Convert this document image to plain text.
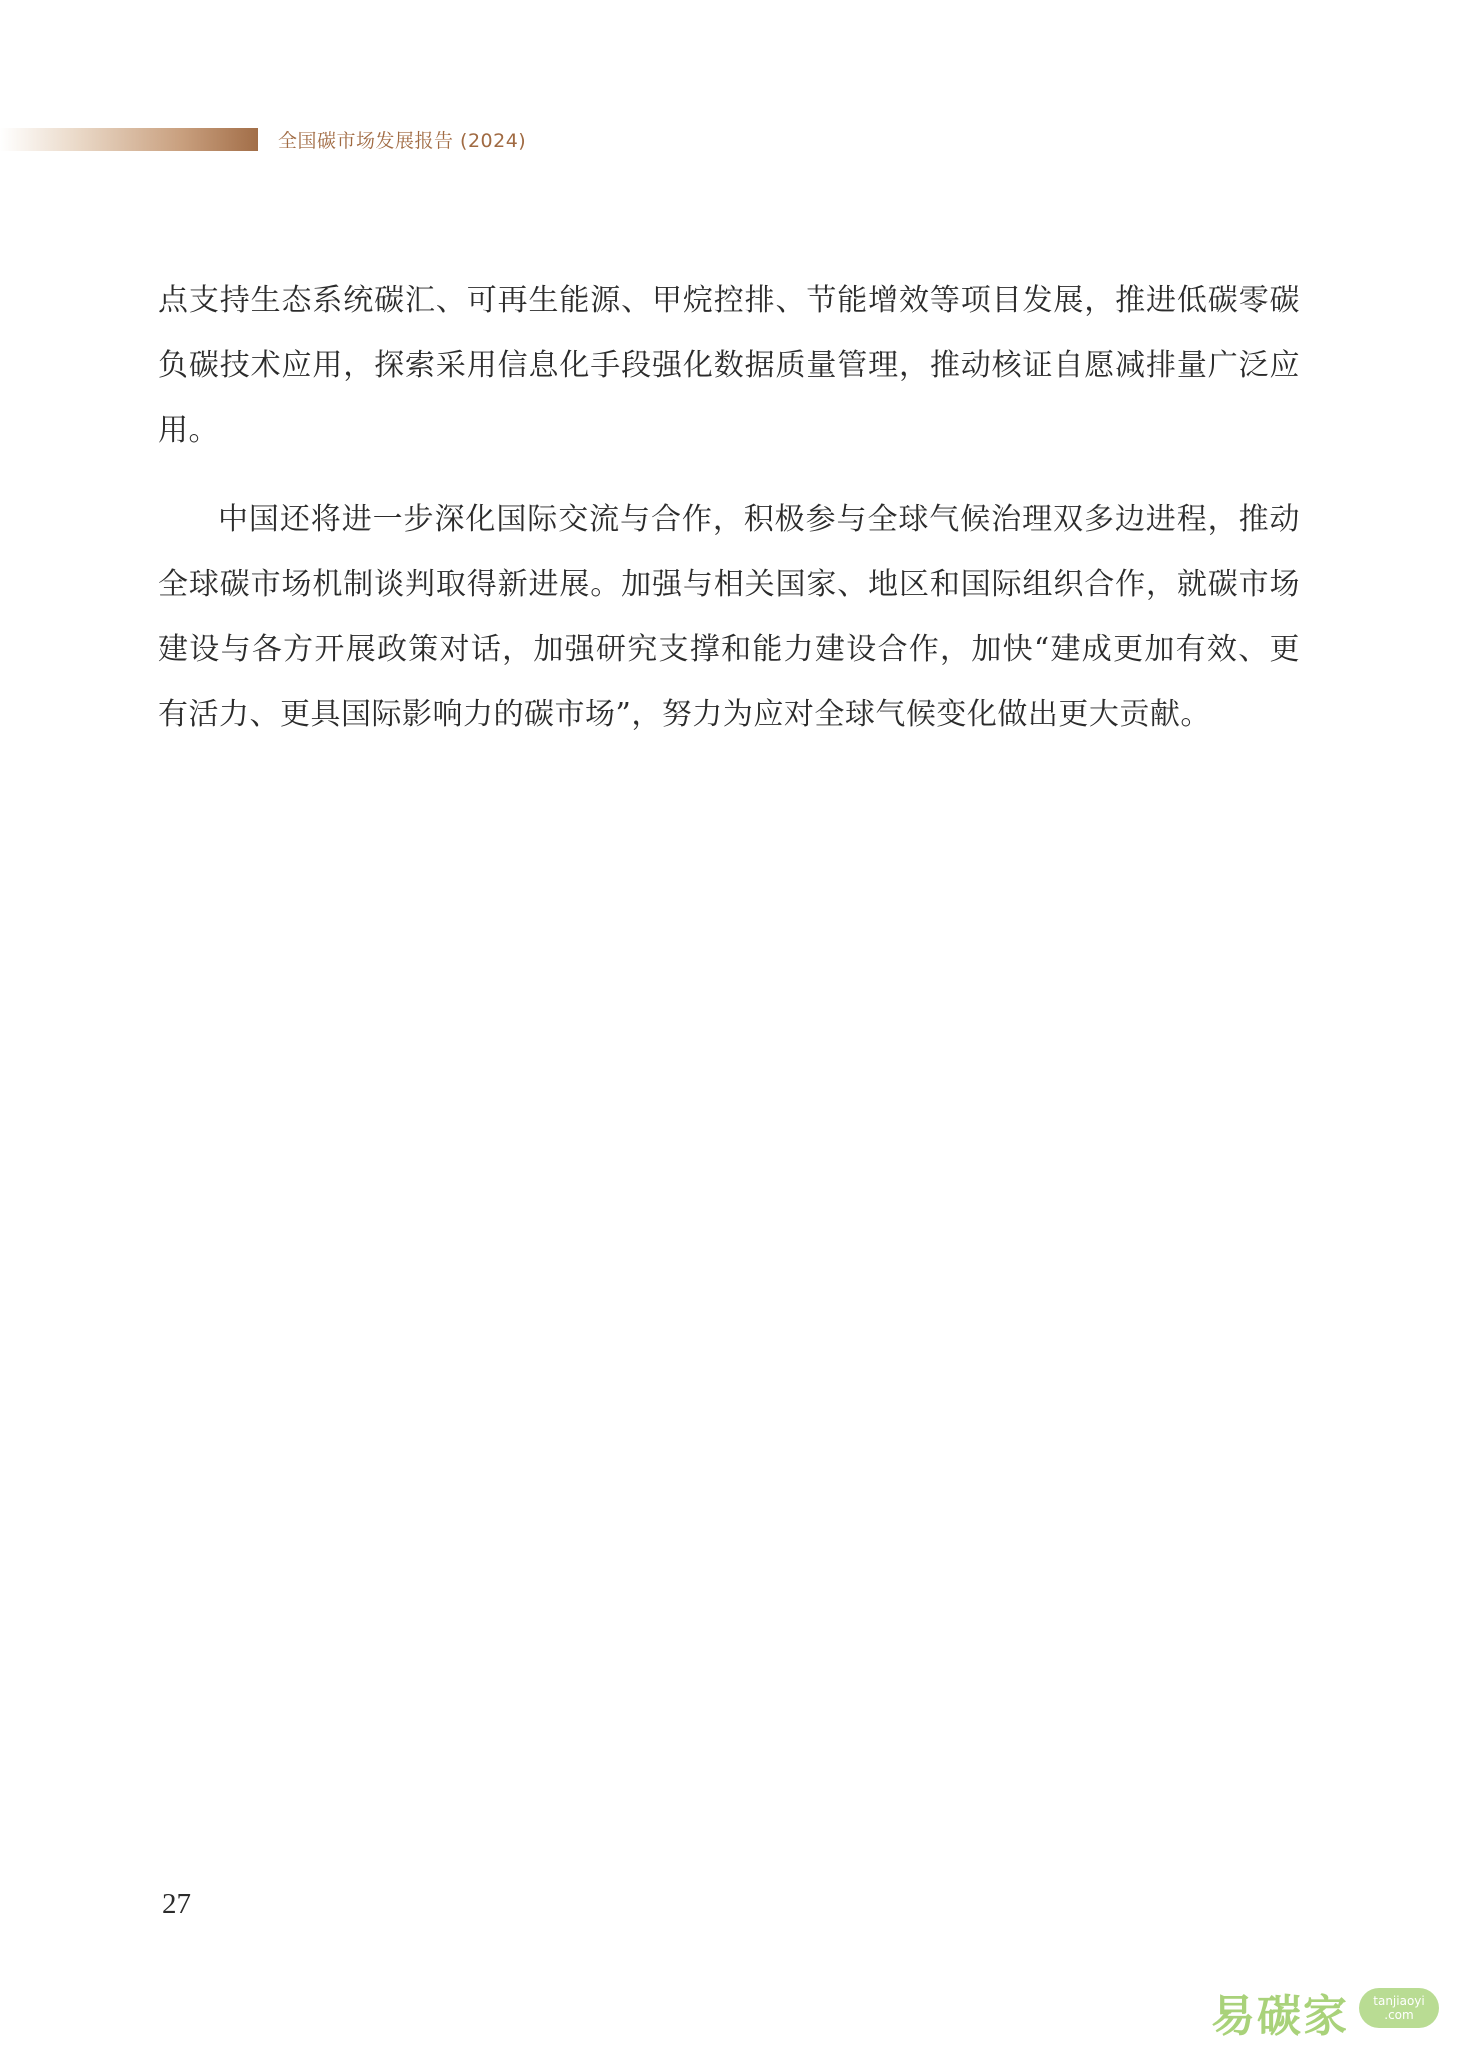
全国碳市场发展报告 (2024)

点支持生态系统碳汇、可再生能源、甲烷控排、节能增效等项目发展，推进低碳零碳负碳技术应用，探索采用信息化手段强化数据质量管理，推动核证自愿减排量广泛应用。

中国还将进一步深化国际交流与合作，积极参与全球气候治理双多边进程，推动全球碳市场机制谈判取得新进展。加强与相关国家、地区和国际组织合作，就碳市场建设与各方开展政策对话，加强研究支撑和能力建设合作，加快“建成更加有效、更有活力、更具国际影响力的碳市场”，努力为应对全球气候变化做出更大贡献。

27
易碳家 tanjiaoyi
.com
